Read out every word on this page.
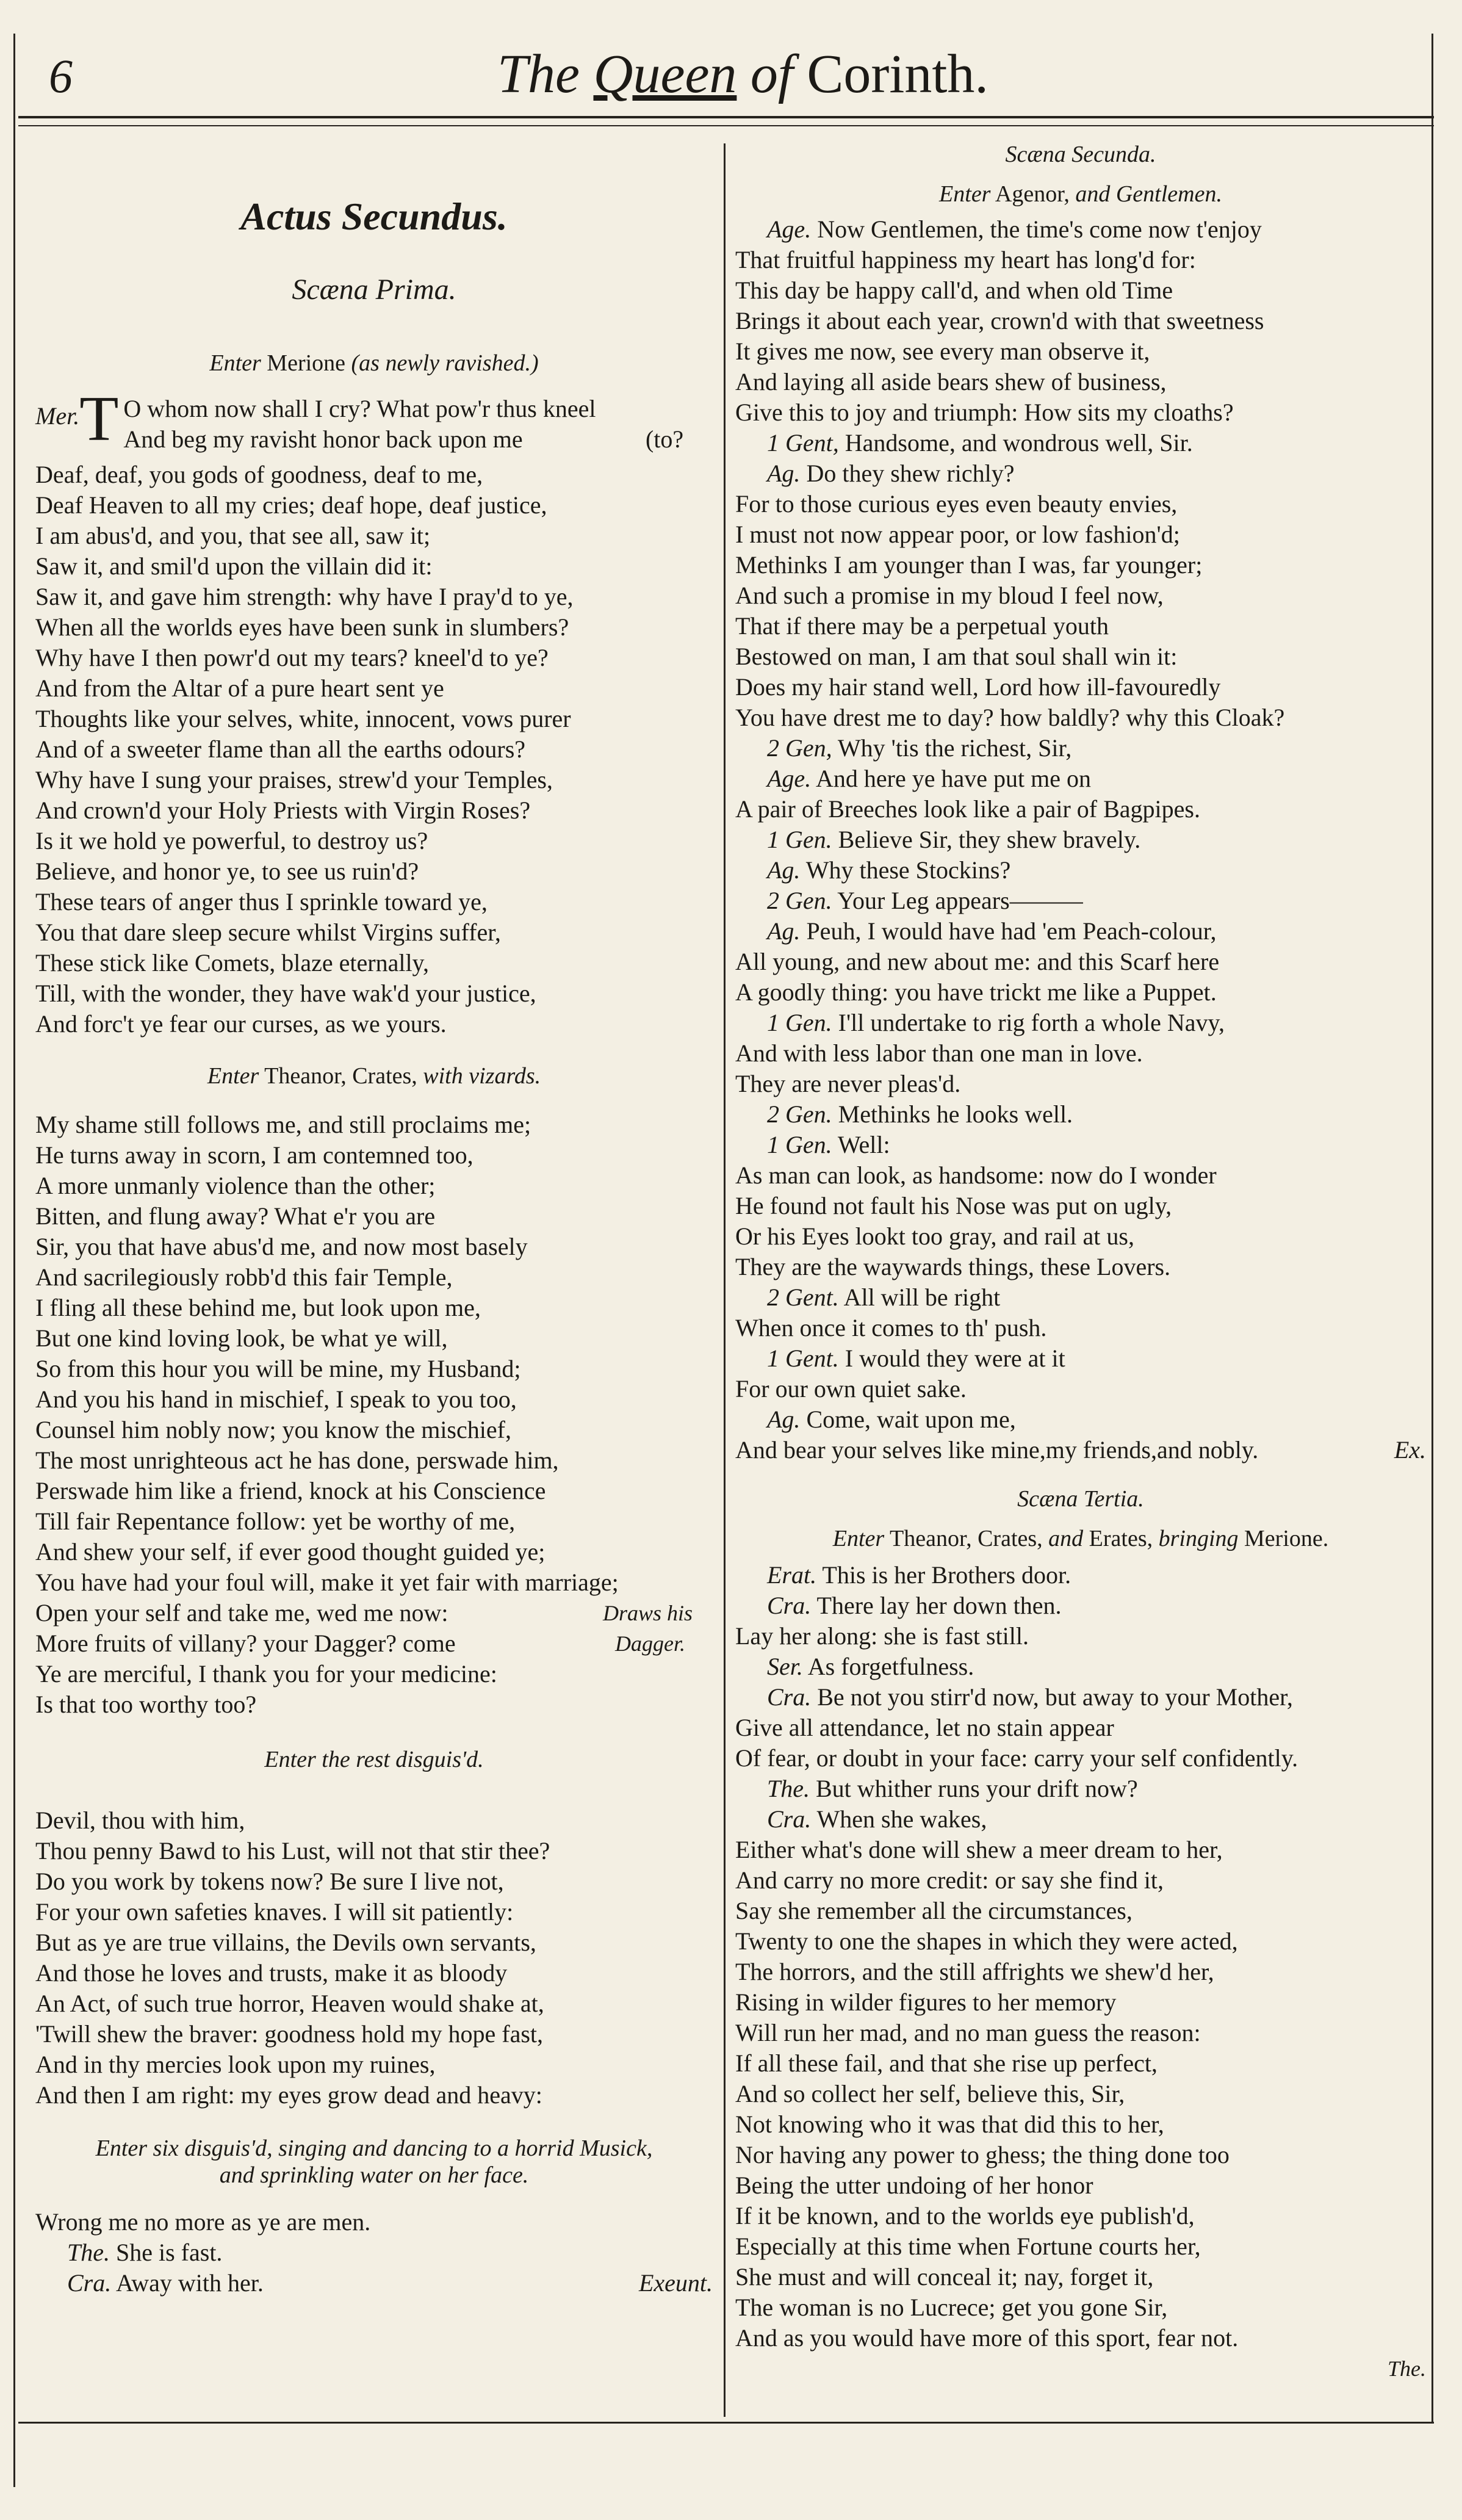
6	The Queen of Corinth.
Actus Secundus.
Scæna Prima.
Enter Merione (as newly ravished.)
Mer. T O whom now shall I cry? What pow'r thus kneel
And beg my ravisht honor back upon me	(to?
Deaf, deaf, you gods of goodness, deaf to me,
Deaf Heaven to all my cries; deaf hope, deaf justice,
I am abus'd, and you, that see all, saw it;
Saw it, and smil'd upon the villain did it:
Saw it, and gave him strength: why have I pray'd to ye,
When all the worlds eyes have been sunk in slumbers?
Why have I then powr'd out my tears? kneel'd to ye?
And from the Altar of a pure heart sent ye
Thoughts like your selves, white, innocent, vows purer
And of a sweeter flame than all the earths odours?
Why have I sung your praises, strew'd your Temples,
And crown'd your Holy Priests with Virgin Roses?
Is it we hold ye powerful, to destroy us?
Believe, and honor ye, to see us ruin'd?
These tears of anger thus I sprinkle toward ye,
You that dare sleep secure whilst Virgins suffer,
These stick like Comets, blaze eternally,
Till, with the wonder, they have wak'd your justice,
And forc't ye fear our curses, as we yours.
Enter Theanor, Crates, with vizards.
My shame still follows me, and still proclaims me;
He turns away in scorn, I am contemned too,
A more unmanly violence than the other;
Bitten, and flung away? What e'r you are
Sir, you that have abus'd me, and now most basely
And sacrilegiously robb'd this fair Temple,
I fling all these behind me, but look upon me,
But one kind loving look, be what ye will,
So from this hour you will be mine, my Husband;
And you his hand in mischief, I speak to you too,
Counsel him nobly now; you know the mischief,
The most unrighteous act he has done, perswade him,
Perswade him like a friend, knock at his Conscience
Till fair Repentance follow: yet be worthy of me,
And shew your self, if ever good thought guided ye;
You have had your foul will, make it yet fair with marriage;
Open your self and take me, wed me now:	Draws his
More fruits of villany? your Dagger? come	Dagger.
Ye are merciful, I thank you for your medicine:
Is that too worthy too?
Enter the rest disguis'd.
Devil, thou with him,
Thou penny Bawd to his Lust, will not that stir thee?
Do you work by tokens now? Be sure I live not,
For your own safeties knaves. I will sit patiently:
But as ye are true villains, the Devils own servants,
And those he loves and trusts, make it as bloody
An Act, of such true horror, Heaven would shake at,
'Twill shew the braver: goodness hold my hope fast,
And in thy mercies look upon my ruines,
And then I am right: my eyes grow dead and heavy:
Enter six disguis'd, singing and dancing to a horrid Musick,
and sprinkling water on her face.
Wrong me no more as ye are men.
The. She is fast.
Cra. Away with her.	Exeunt.
Scæna Secunda.
Enter Agenor, and Gentlemen.
Age. Now Gentlemen, the time's come now t'enjoy
That fruitful happiness my heart has long'd for:
This day be happy call'd, and when old Time
Brings it about each year, crown'd with that sweetness
It gives me now, see every man observe it,
And laying all aside bears shew of business,
Give this to joy and triumph: How sits my cloaths?
1 Gent, Handsome, and wondrous well, Sir.
Ag. Do they shew richly?
For to those curious eyes even beauty envies,
I must not now appear poor, or low fashion'd;
Methinks I am younger than I was, far younger;
And such a promise in my bloud I feel now,
That if there may be a perpetual youth
Bestowed on man, I am that soul shall win it:
Does my hair stand well, Lord how ill-favouredly
You have drest me to day? how baldly? why this Cloak?
2 Gen, Why 'tis the richest, Sir,
Age. And here ye have put me on
A pair of Breeches look like a pair of Bagpipes.
1 Gen. Believe Sir, they shew bravely.
Ag. Why these Stockins?
2 Gen. Your Leg appears———
Ag. Peuh, I would have had 'em Peach-colour,
All young, and new about me: and this Scarf here
A goodly thing: you have trickt me like a Puppet.
1 Gen. I'll undertake to rig forth a whole Navy,
And with less labor than one man in love.
They are never pleas'd.
2 Gen. Methinks he looks well.
1 Gen. Well:
As man can look, as handsome: now do I wonder
He found not fault his Nose was put on ugly,
Or his Eyes lookt too gray, and rail at us,
They are the waywards things, these Lovers.
2 Gent. All will be right
When once it comes to th' push.
1 Gent. I would they were at it
For our own quiet sake.
Ag. Come, wait upon me,
And bear your selves like mine,my friends,and nobly.	Ex.
Scæna Tertia.
Enter Theanor, Crates, and Erates, bringing Merione.
Erat. This is her Brothers door.
Cra. There lay her down then.
Lay her along: she is fast still.
Ser. As forgetfulness.
Cra. Be not you stirr'd now, but away to your Mother,
Give all attendance, let no stain appear
Of fear, or doubt in your face: carry your self confidently.
The. But whither runs your drift now?
Cra. When she wakes,
Either what's done will shew a meer dream to her,
And carry no more credit: or say she find it,
Say she remember all the circumstances,
Twenty to one the shapes in which they were acted,
The horrors, and the still affrights we shew'd her,
Rising in wilder figures to her memory
Will run her mad, and no man guess the reason:
If all these fail, and that she rise up perfect,
And so collect her self, believe this, Sir,
Not knowing who it was that did this to her,
Nor having any power to ghess; the thing done too
Being the utter undoing of her honor
If it be known, and to the worlds eye publish'd,
Especially at this time when Fortune courts her,
She must and will conceal it; nay, forget it,
The woman is no Lucrece; get you gone Sir,
And as you would have more of this sport, fear not.
The.
